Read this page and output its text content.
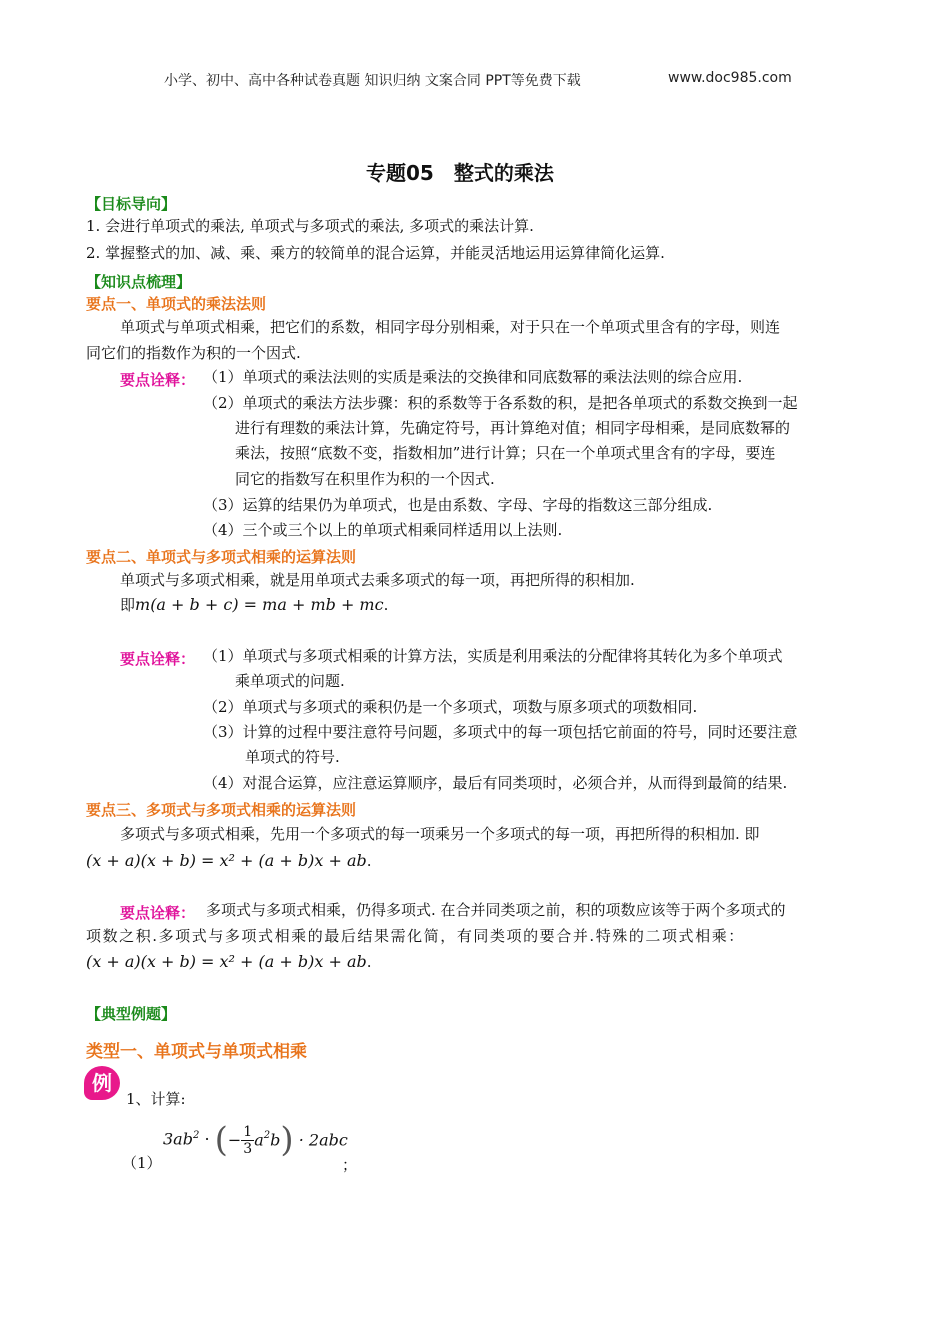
小学、初中、高中各种试卷真题 知识归纳 文案合同 PPT等免费下载	www.doc985.com
专题05　整式的乘法
【目标导向】
1. 会进行单项式的乘法, 单项式与多项式的乘法, 多项式的乘法计算.
2. 掌握整式的加、减、乘、乘方的较简单的混合运算，并能灵活地运用运算律简化运算.
【知识点梳理】
要点一、单项式的乘法法则
单项式与单项式相乘，把它们的系数，相同字母分别相乘，对于只在一个单项式里含有的字母，则连
同它们的指数作为积的一个因式.
要点诠释： （1）单项式的乘法法则的实质是乘法的交换律和同底数幂的乘法法则的综合应用.
（2）单项式的乘法方法步骤：积的系数等于各系数的积，是把各单项式的系数交换到一起
进行有理数的乘法计算，先确定符号，再计算绝对值；相同字母相乘，是同底数幂的
乘法，按照“底数不变，指数相加”进行计算；只在一个单项式里含有的字母，要连
同它的指数写在积里作为积的一个因式.
（3）运算的结果仍为单项式，也是由系数、字母、字母的指数这三部分组成.
（4）三个或三个以上的单项式相乘同样适用以上法则.
要点二、单项式与多项式相乘的运算法则
单项式与多项式相乘，就是用单项式去乘多项式的每一项，再把所得的积相加.
即m(a + b + c) = ma + mb + mc.
要点诠释： （1）单项式与多项式相乘的计算方法，实质是利用乘法的分配律将其转化为多个单项式
乘单项式的问题.
（2）单项式与多项式的乘积仍是一个多项式，项数与原多项式的项数相同.
（3）计算的过程中要注意符号问题，多项式中的每一项包括它前面的符号，同时还要注意
单项式的符号.
（4）对混合运算，应注意运算顺序，最后有同类项时，必须合并，从而得到最简的结果.
要点三、多项式与多项式相乘的运算法则
多项式与多项式相乘，先用一个多项式的每一项乘另一个多项式的每一项，再把所得的积相加. 即
(x + a)(x + b) = x² + (a + b)x + ab.
要点诠释： 多项式与多项式相乘，仍得多项式. 在合并同类项之前，积的项数应该等于两个多项式的
项 数 之 积 . 多 项 式 与 多 项 式 相 乘 的 最 后 结 果 需 化 简 ， 有 同 类 项 的 要 合 并 . 特 殊 的 二 项 式 相 乘 ：
(x + a)(x + b) = x² + (a + b)x + ab.
【典型例题】
类型一、单项式与单项式相乘
例
1、计算:
$3ab^2$ · (− $\frac{1}{3} a^2b) \cdot 2abc$
（1）	；
